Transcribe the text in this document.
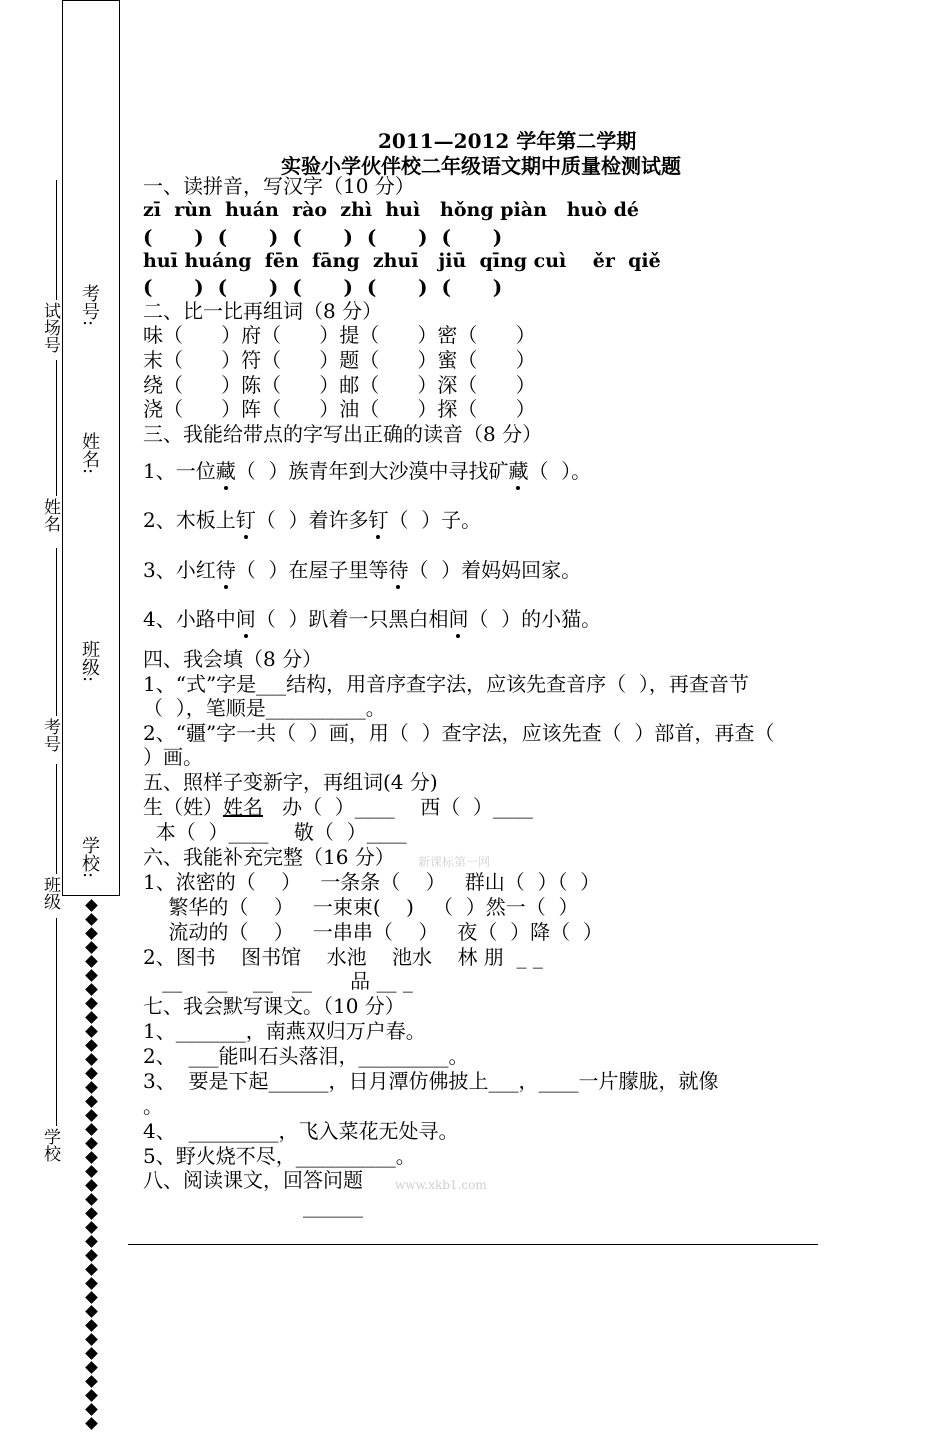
考号:
姓名:
班级:
学校:
试场号
姓名
考号
班级
学校
2011—2012 学年第二学期
实验小学伙伴校二年级语文期中质量检测试题
一、读拼音，写汉字（10 分）
zī  rùn  huán  rào  zhì  huì   hǒng piàn   huò dé
(      )  (      )  (      )  (      )  (      )
huī huáng  fēn  fāng  zhuī   jiū  qīng cuì    ěr  qiě
(      )  (      )  (      )  (      )  (      )
二、比一比再组词（8 分）
味（      ）府（      ）提（      ）密（      ）
末（      ）符（      ）题（      ）蜜（      ）
绕（      ）陈（      ）邮（      ）深（      ）
浇（      ）阵（      ）油（      ）探（      ）
三、我能给带点的字写出正确的读音（8 分）
1、一位藏（  ）族青年到大沙漠中寻找矿藏（  ）。
2、木板上钉（  ）着许多钉（  ）子。
3、小红待（  ）在屋子里等待（  ）着妈妈回家。
4、小路中间（  ）趴着一只黑白相间（  ）的小猫。
四、我会填（8 分）
1、“式”字是___结构，用音序查字法，应该先查音序（  ），再查音节
（  ），笔顺是__________。
2、“疆”字一共（  ）画，用（  ）查字法，应该先查（  ）部首，再查（
）画。
五、照样子变新字，再组词(4 分)
生（姓）姓名   办（  ）____    西（  ）____
本（  ）____    敬（  ）____
六、我能补充完整（16 分） 新课标第一网
1、浓密的（    ）   一条条（    ）   群山（  ）（  ）
繁华的（    ）   一束束(    )   （  ）然一（  ）
流动的（    ）   一串串（    ）   夜（  ）降（  ）
2、图书    图书馆    水池    池水    林 朋  _ _
__    __    __   __      品 __ _
七、我会默写课文。（10 分）
1、_______，南燕双归万户春。
2、  ___能叫石头落泪，_________。
3、  要是下起______，日月潭仿佛披上___，____一片朦胧，就像
。
4、  _________，飞入菜花无处寻。
5、野火烧不尽，__________。
八、阅读课文，回答问题	www.xkb1.com
______
